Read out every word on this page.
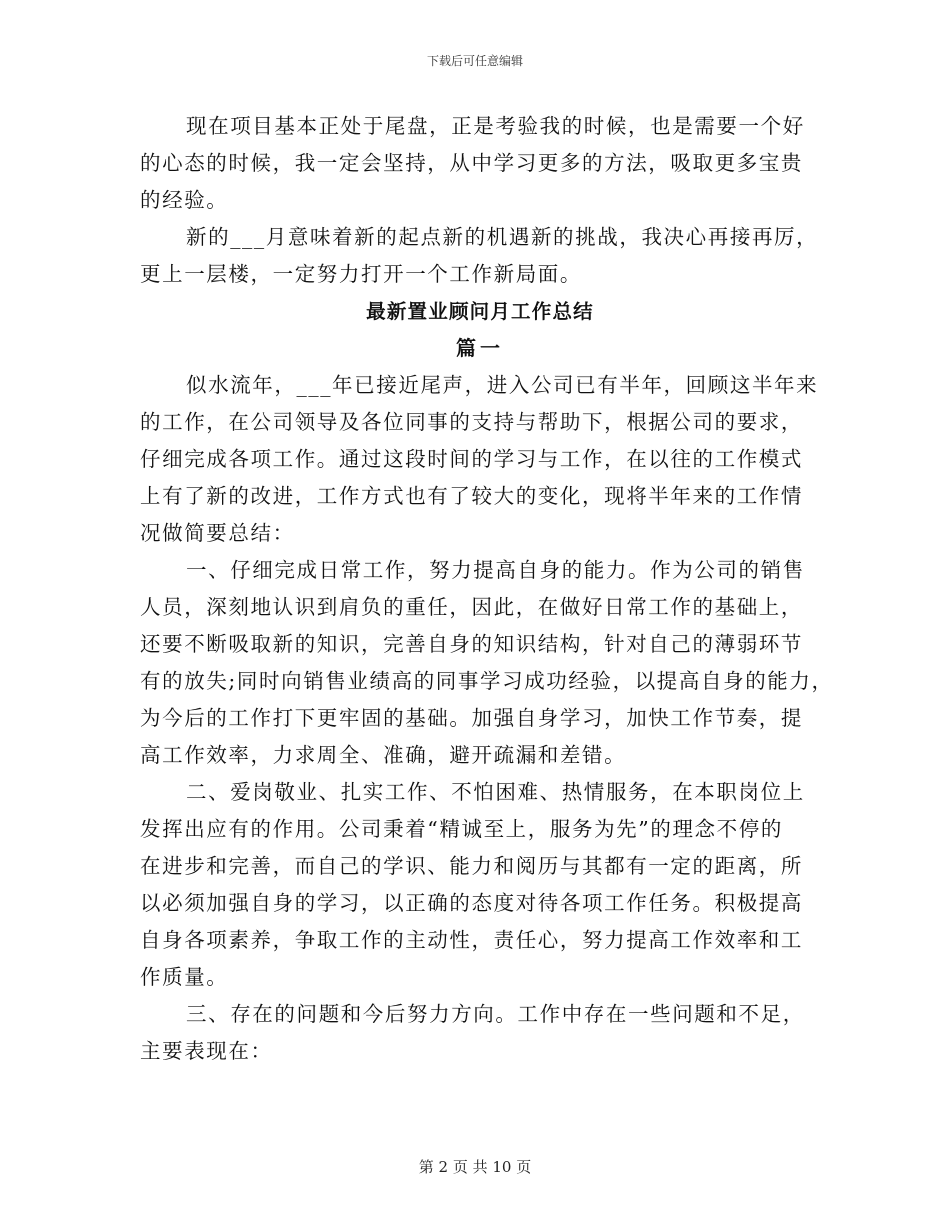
下载后可任意编辑
现在项目基本正处于尾盘，正是考验我的时候，也是需要一个好
的心态的时候，我一定会坚持，从中学习更多的方法，吸取更多宝贵
的经验。
新的___月意味着新的起点新的机遇新的挑战，我决心再接再厉，
更上一层楼，一定努力打开一个工作新局面。
最新置业顾问月工作总结
篇一
似水流年，___年已接近尾声，进入公司已有半年，回顾这半年来
的工作，在公司领导及各位同事的支持与帮助下，根据公司的要求，
仔细完成各项工作。通过这段时间的学习与工作，在以往的工作模式
上有了新的改进，工作方式也有了较大的变化，现将半年来的工作情
况做简要总结：
一、仔细完成日常工作，努力提高自身的能力。作为公司的销售
人员，深刻地认识到肩负的重任，因此，在做好日常工作的基础上，
还要不断吸取新的知识，完善自身的知识结构，针对自己的薄弱环节
有的放失;同时向销售业绩高的同事学习成功经验，以提高自身的能力，
为今后的工作打下更牢固的基础。加强自身学习，加快工作节奏，提
高工作效率，力求周全、准确，避开疏漏和差错。
二、爱岗敬业、扎实工作、不怕困难、热情服务，在本职岗位上
发挥出应有的作用。公司秉着“精诚至上，服务为先”的理念不停的
在进步和完善，而自己的学识、能力和阅历与其都有一定的距离，所
以必须加强自身的学习，以正确的态度对待各项工作任务。积极提高
自身各项素养，争取工作的主动性，责任心，努力提高工作效率和工
作质量。
三、存在的问题和今后努力方向。工作中存在一些问题和不足，
主要表现在：
第 2 页 共 10 页
